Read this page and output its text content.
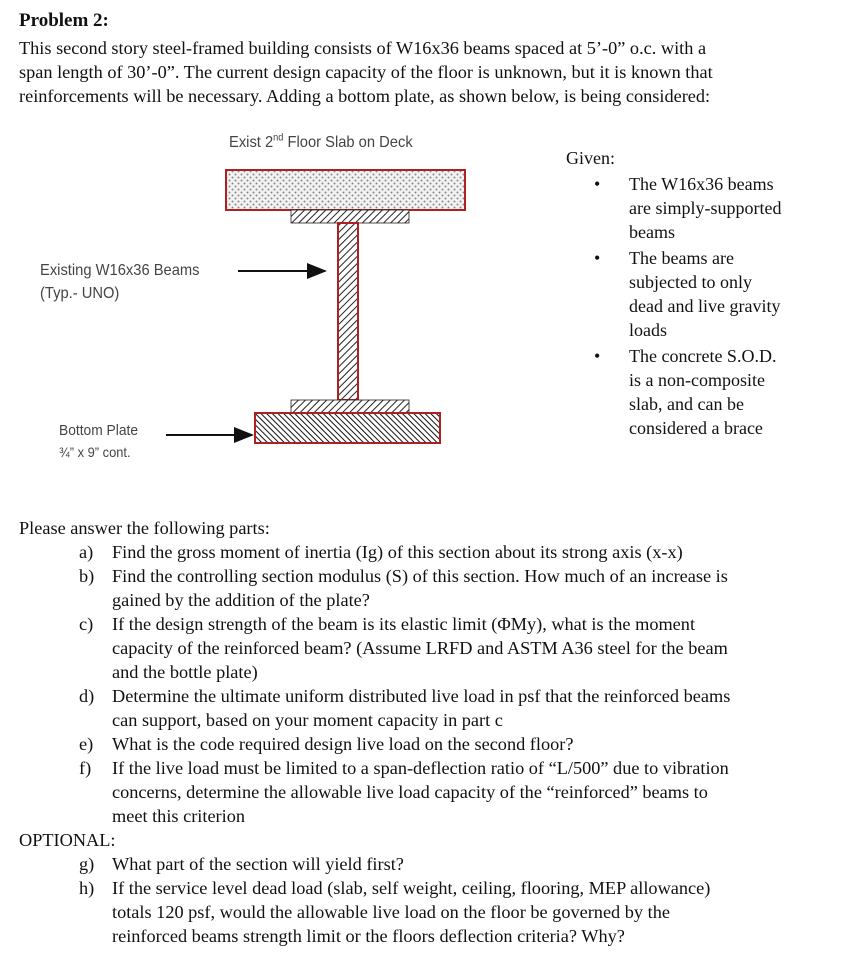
Problem 2:
This second story steel-framed building consists of W16x36 beams spaced at 5’-0” o.c. with a
span length of 30’-0”. The current design capacity of the floor is unknown, but it is known that
reinforcements will be necessary. Adding a bottom plate, as shown below, is being considered:
Exist 2nd Floor Slab on Deck
Existing W16x36 Beams
(Typ.- UNO)
Bottom Plate
¾” x 9” cont.
Given:
• The W16x36 beams
are simply-supported
beams
• The beams are
subjected to only
dead and live gravity
loads
• The concrete S.O.D.
is a non-composite
slab, and can be
considered a brace
Please answer the following parts:
a) Find the gross moment of inertia (Ig) of this section about its strong axis (x-x)
b) Find the controlling section modulus (S) of this section. How much of an increase is
gained by the addition of the plate?
c) If the design strength of the beam is its elastic limit (ΦMy), what is the moment
capacity of the reinforced beam? (Assume LRFD and ASTM A36 steel for the beam
and the bottle plate)
d) Determine the ultimate uniform distributed live load in psf that the reinforced beams
can support, based on your moment capacity in part c
e) What is the code required design live load on the second floor?
f) If the live load must be limited to a span-deflection ratio of “L/500” due to vibration
concerns, determine the allowable live load capacity of the “reinforced” beams to
meet this criterion
OPTIONAL:
g) What part of the section will yield first?
h) If the service level dead load (slab, self weight, ceiling, flooring, MEP allowance)
totals 120 psf, would the allowable live load on the floor be governed by the
reinforced beams strength limit or the floors deflection criteria? Why?
